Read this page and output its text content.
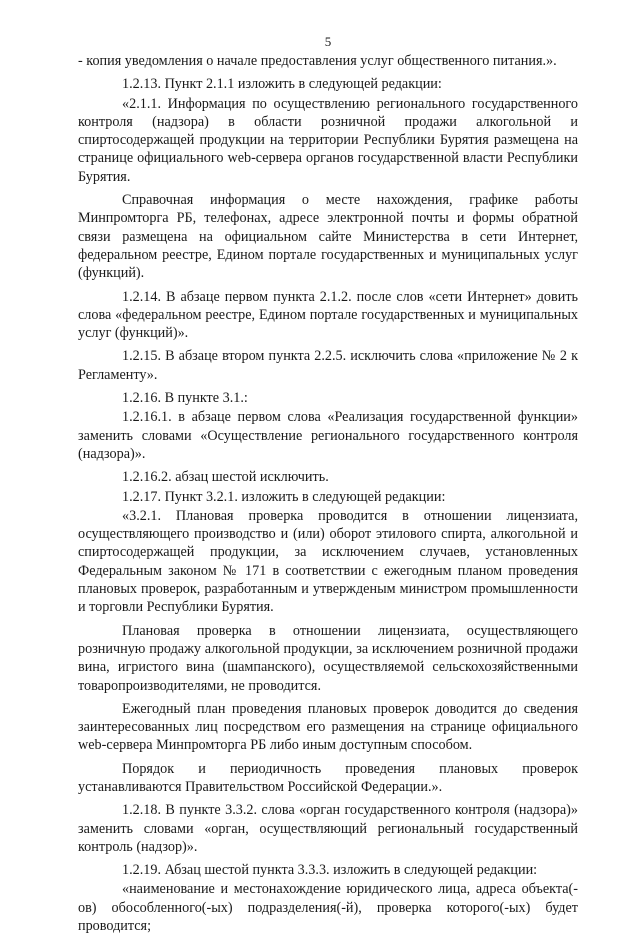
5

- копия уведомления о начале предоставления услуг общественного питания.».

1.2.13. Пункт 2.1.1 изложить в следующей редакции:

«2.1.1. Информация по осуществлению регионального государственного контроля (надзора) в области розничной продажи алкогольной и спиртосодержащей продукции на территории Республики Бурятия размещена на странице официального web-сервера органов государственной власти Республики Бурятия.

Справочная информация о месте нахождения, графике работы Минпромторга РБ, телефонах, адресе электронной почты и формы обратной связи размещена на официальном сайте Министерства в сети Интернет, федеральном реестре, Едином портале государственных и муниципальных услуг (функций).

1.2.14. В абзаце первом пункта 2.1.2. после слов «сети Интернет» довить слова «федеральном реестре, Едином портале государственных и муниципальных услуг (функций)».

1.2.15. В абзаце втором пункта 2.2.5. исключить слова «приложение № 2 к Регламенту».

1.2.16. В пункте 3.1.:

1.2.16.1. в абзаце первом слова «Реализация государственной функции» заменить словами «Осуществление регионального государственного контроля (надзора)».

1.2.16.2. абзац шестой исключить.

1.2.17. Пункт 3.2.1. изложить в следующей редакции:

«3.2.1. Плановая проверка проводится в отношении лицензиата, осуществляющего производство и (или) оборот этилового спирта, алкогольной и спиртосодержащей продукции, за исключением случаев, установленных Федеральным законом № 171 в соответствии с ежегодным планом проведения плановых проверок, разработанным и утвержденым министром промышленности и торговли Республики Бурятия.

Плановая проверка в отношении лицензиата, осуществляющего розничную продажу алкогольной продукции, за исключением розничной продажи вина, игристого вина (шампанского), осуществляемой сельскохозяйственными товаропроизводителями, не проводится.

Ежегодный план проведения плановых проверок доводится до сведения заинтересованных лиц посредством его размещения на странице официального web-сервера Минпромторга РБ либо иным доступным способом.

Порядок и периодичность проведения плановых проверок устанавливаются Правительством Российской Федерации.».

1.2.18. В пункте 3.3.2. слова «орган государственного контроля (надзора)» заменить словами «орган, осуществляющий региональный государственный контроль (надзор)».

1.2.19. Абзац шестой пункта 3.3.3. изложить в следующей редакции:

«наименование и местонахождение юридического лица, адреса объекта(-ов) обособленного(-ых) подразделения(-й), проверка которого(-ых) будет проводится;
